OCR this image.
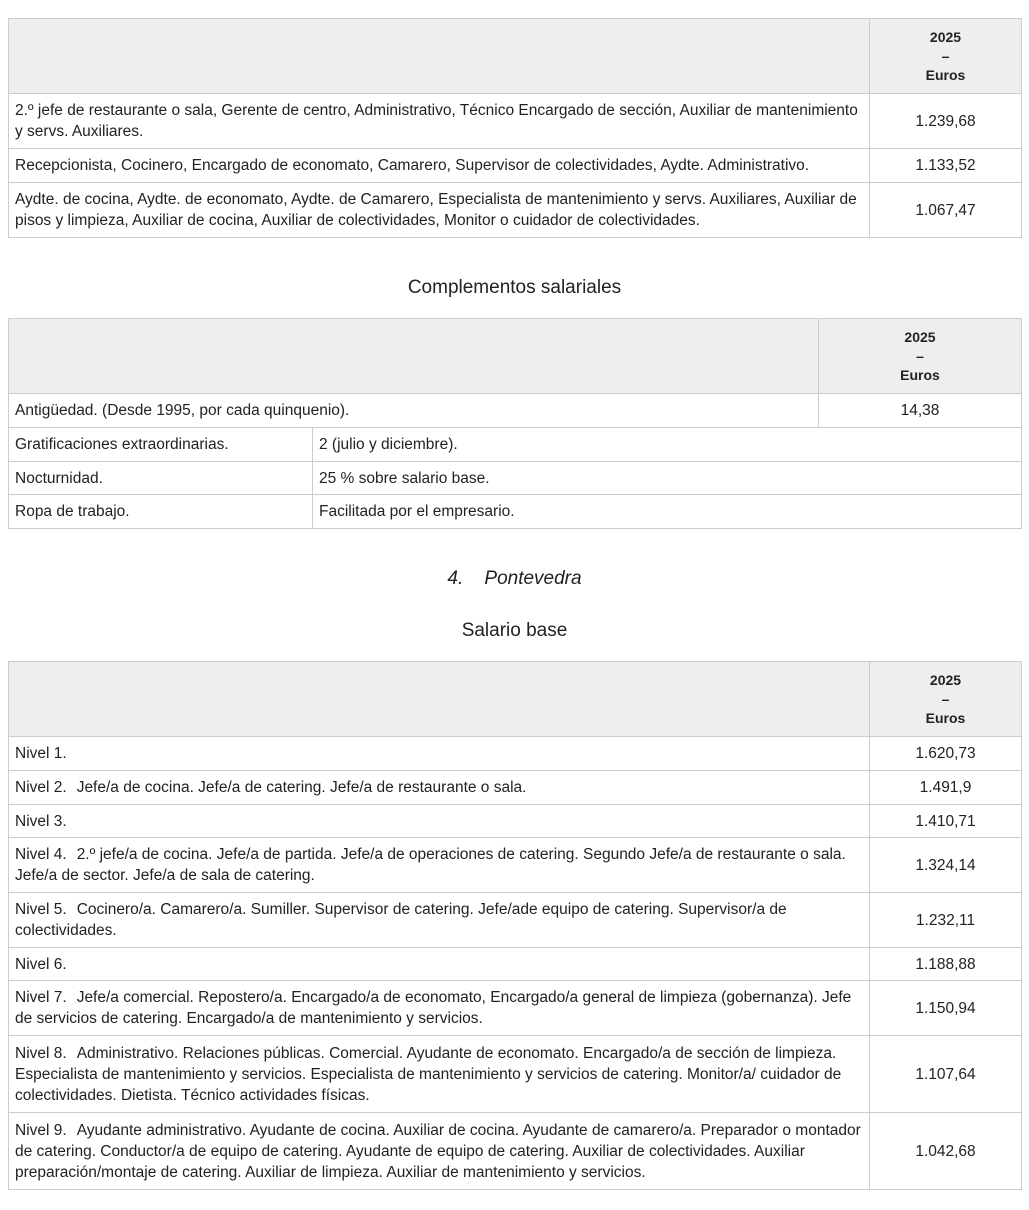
	2025
–
Euros

2.º jefe de restaurante o sala, Gerente de centro, Administrativo, Técnico Encargado de sección, Auxiliar de mantenimiento y servs. Auxiliares.	1.239,68
Recepcionista, Cocinero, Encargado de economato, Camarero, Supervisor de colectividades, Aydte. Administrativo.	1.133,52
Aydte. de cocina, Aydte. de economato, Aydte. de Camarero, Especialista de mantenimiento y servs. Auxiliares, Auxiliar de pisos y limpieza, Auxiliar de cocina, Auxiliar de colectividades, Monitor o cuidador de colectividades.	1.067,47
Complementos salariales

		2025
–
Euros

Antigüedad. (Desde 1995, por cada quinquenio).		14,38
Gratificaciones extraordinarias.	2 (julio y diciembre).	
Nocturnidad.	25 % sobre salario base.	
Ropa de trabajo.	Facilitada por el empresario.	
4. Pontevedra
Salario base

	2025
–
Euros

Nivel 1.	1.620,73
Nivel 2. Jefe/a de cocina. Jefe/a de catering. Jefe/a de restaurante o sala.	1.491,9
Nivel 3.	1.410,71
Nivel 4. 2.º jefe/a de cocina. Jefe/a de partida. Jefe/a de operaciones de catering. Segundo Jefe/a de restaurante o sala. Jefe/a de sector. Jefe/a de sala de catering.	1.324,14
Nivel 5. Cocinero/a. Camarero/a. Sumiller. Supervisor de catering. Jefe/ade equipo de catering. Supervisor/a de colectividades.	1.232,11
Nivel 6.	1.188,88
Nivel 7. Jefe/a comercial. Repostero/a. Encargado/a de economato, Encargado/a general de limpieza (gobernanza). Jefe de servicios de catering. Encargado/a de mantenimiento y servicios.	1.150,94
Nivel 8. Administrativo. Relaciones públicas. Comercial. Ayudante de economato. Encargado/a de sección de limpieza. Especialista de mantenimiento y servicios. Especialista de mantenimiento y servicios de catering. Monitor/a/ cuidador de colectividades. Dietista. Técnico actividades físicas.	1.107,64
Nivel 9. Ayudante administrativo. Ayudante de cocina. Auxiliar de cocina. Ayudante de camarero/a. Preparador o montador de catering. Conductor/a de equipo de catering. Ayudante de equipo de catering. Auxiliar de colectividades. Auxiliar preparación/montaje de catering. Auxiliar de limpieza. Auxiliar de mantenimiento y servicios.	1.042,68
